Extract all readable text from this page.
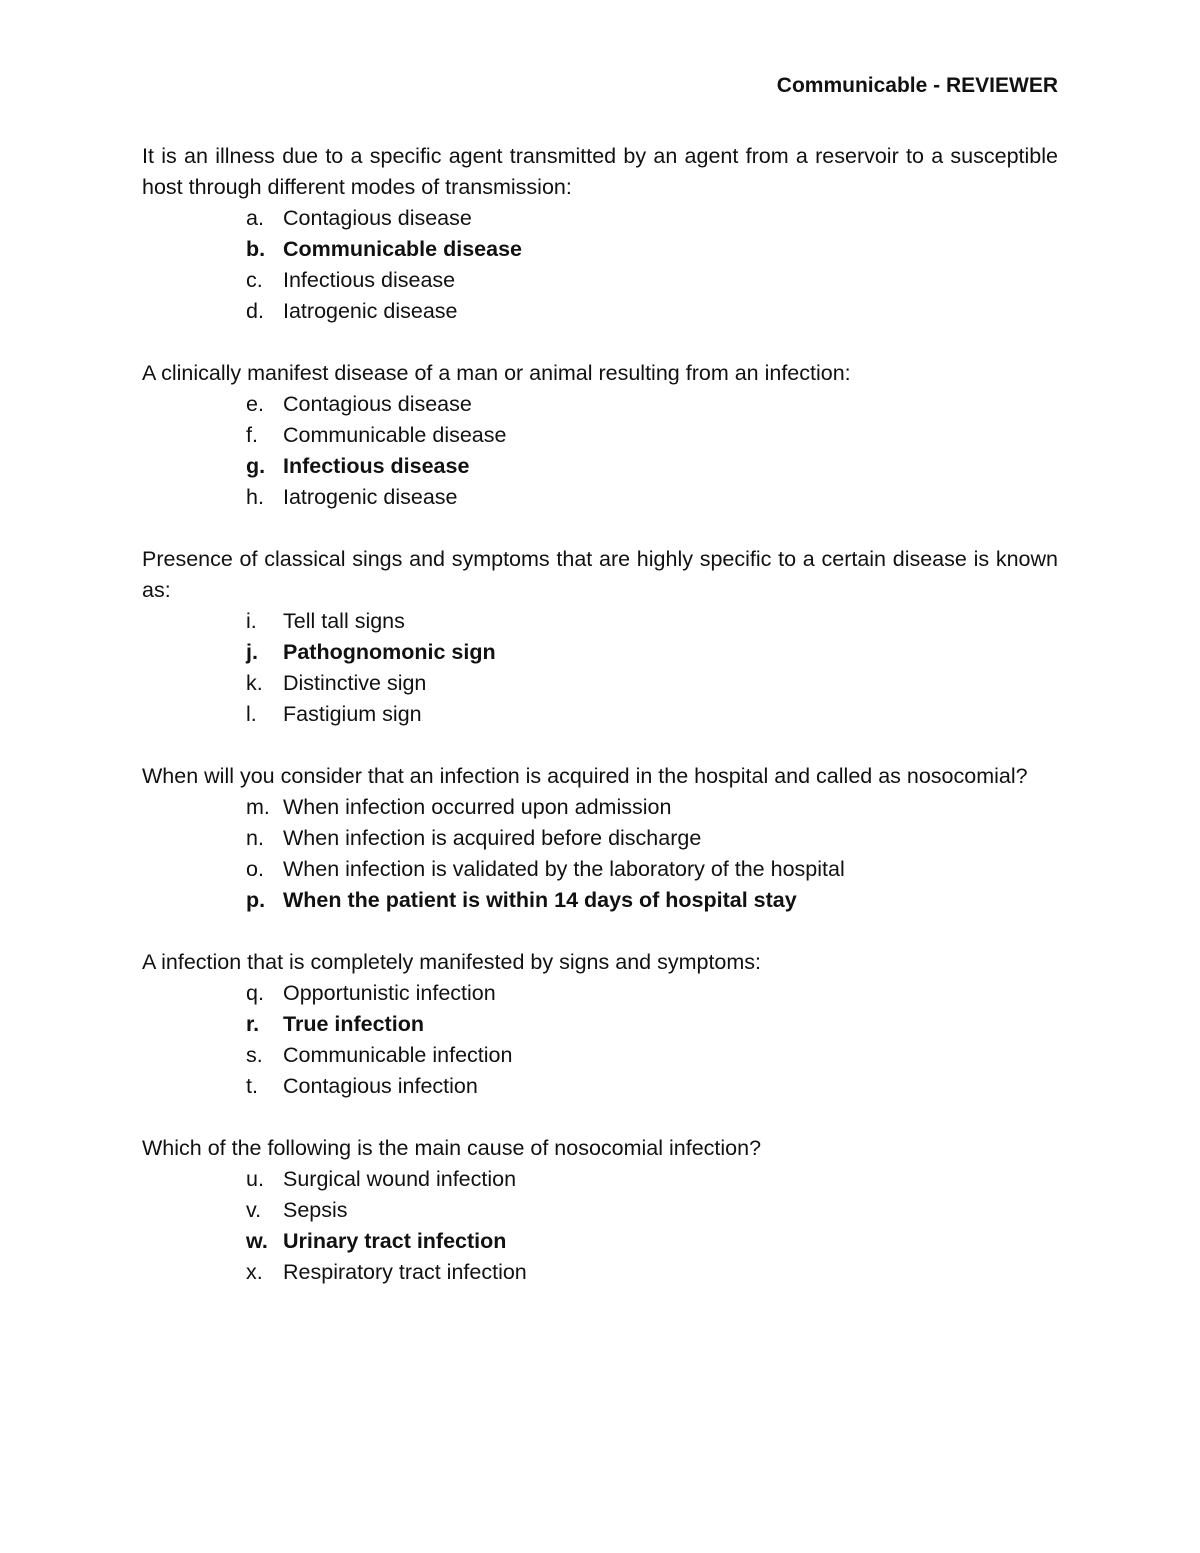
Communicable - REVIEWER

It is an illness due to a specific agent transmitted by an agent from a reservoir to a susceptible host through different modes of transmission:

a. Contagious disease
b. Communicable disease
c. Infectious disease
d. Iatrogenic disease

A clinically manifest disease of a man or animal resulting from an infection:

e. Contagious disease
f.	Communicable disease
g. Infectious disease
h. Iatrogenic disease

Presence of classical sings and symptoms that are highly specific to a certain disease is known as:

i.	Tell tall signs
j.	Pathognomonic sign
k. Distinctive sign
l.	Fastigium sign

When will you consider that an infection is acquired in the hospital and called as nosocomial?

m. When infection occurred upon admission
n. When infection is acquired before discharge
o. When infection is validated by the laboratory of the hospital
p. When the patient is within 14 days of hospital stay

A infection that is completely manifested by signs and symptoms:

q. Opportunistic infection
r.	True infection
s. Communicable infection
t.	Contagious infection

Which of the following is the main cause of nosocomial infection?

u. Surgical wound infection
v.	Sepsis
w. Urinary tract infection
x. Respiratory tract infection
